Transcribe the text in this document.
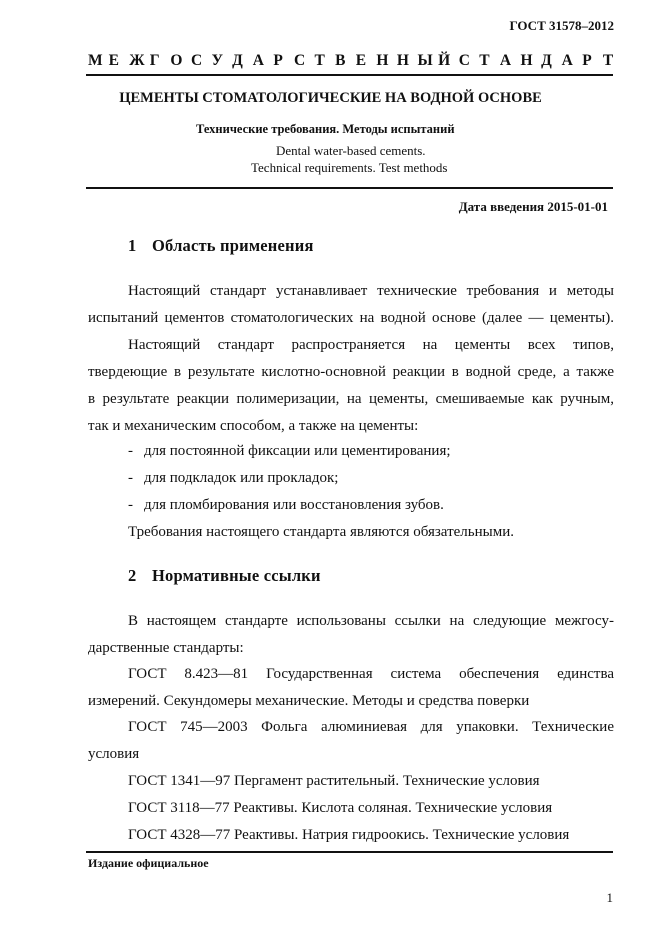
ГОСТ 31578–2012
М Е Ж Г О С У Д А Р С Т В Е Н Н Ы Й С Т А Н Д А Р Т
ЦЕМЕНТЫ СТОМАТОЛОГИЧЕСКИЕ НА ВОДНОЙ ОСНОВЕ
Технические требования. Методы испытаний
Dental water-based cements.
Technical requirements. Test methods
Дата введения 2015-01-01
1 Область применения
Настоящий стандарт устанавливает технические требования и методы
испытаний цементов стоматологических на водной основе (далее — цементы).
Настоящий стандарт распространяется на цементы всех типов,
твердеющие в результате кислотно-основной реакции в водной среде, а также
в результате реакции полимеризации, на цементы, смешиваемые как ручным,
так и механическим способом, а также на цементы:
- для постоянной фиксации или цементирования;
- для подкладок или прокладок;
- для пломбирования или восстановления зубов.
Требования настоящего стандарта являются обязательными.
2 Нормативные ссылки
В настоящем стандарте использованы ссылки на следующие межгосу-
дарственные стандарты:
ГОСТ 8.423—81 Государственная система обеспечения единства
измерений. Секундомеры механические. Методы и средства поверки
ГОСТ 745—2003 Фольга алюминиевая для упаковки. Технические
условия
ГОСТ 1341—97 Пергамент растительный. Технические условия
ГОСТ 3118—77 Реактивы. Кислота соляная. Технические условия
ГОСТ 4328—77 Реактивы. Натрия гидроокись. Технические условия
Издание официальное
1
